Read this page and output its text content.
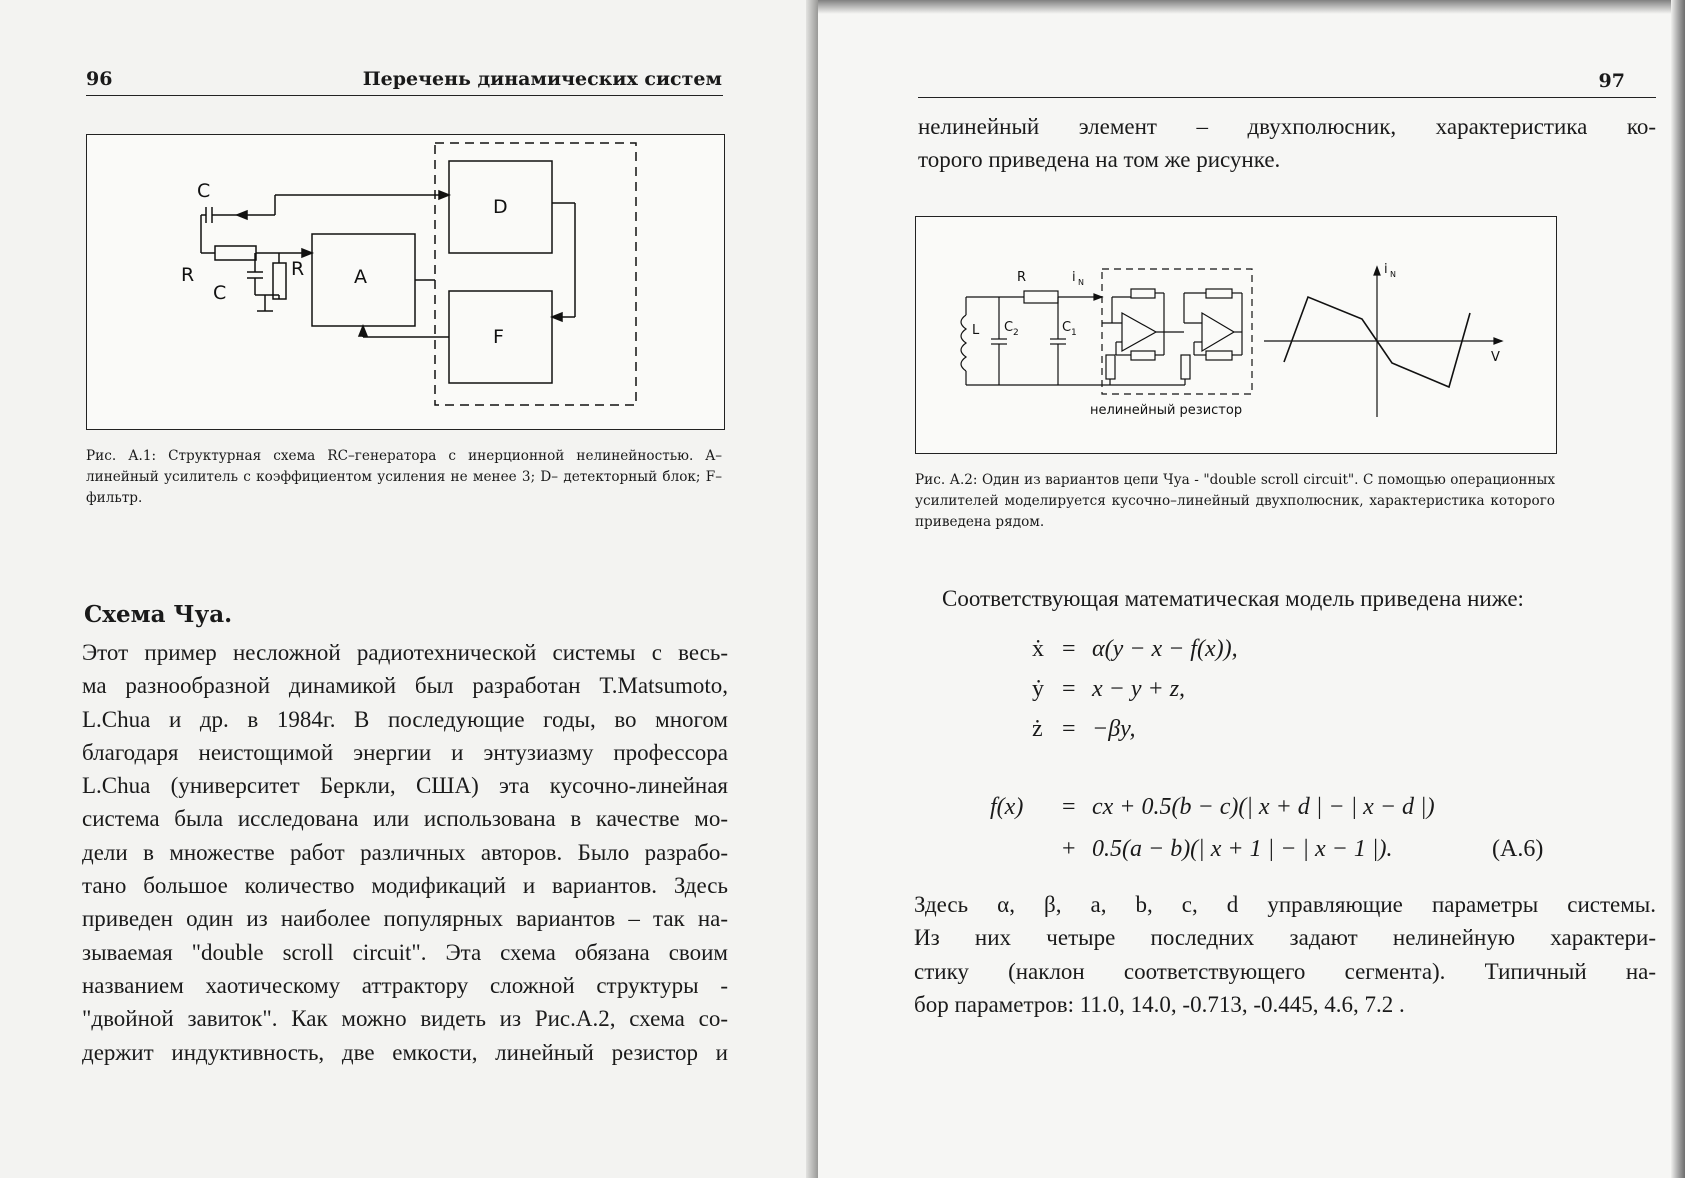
96	Перечень динамических систем
C
R
C
R	A
D
F
Рис. А.1: Структурная схема RC–генератора с инерционной нелинейностью. A– линейный усилитель с коэффициентом усиления не менее 3; D– детекторный блок; F– фильтр.
Схема Чуа.
Этот пример несложной радиотехнической системы с весь-
ма разнообразной динамикой был разработан T.Matsumoto,
L.Chua и др. в 1984г. В последующие годы, во многом
благодаря неистощимой энергии и энтузиазму профессора
L.Chua (университет Беркли, США) эта кусочно-линейная
система была исследована или использована в качестве мо-
дели в множестве работ различных авторов. Было разрабо-
тано большое количество модификаций и вариантов. Здесь
приведен один из наиболее популярных вариантов – так на-
зываемая "double scroll circuit". Эта схема обязана своим
названием хаотическому аттрактору сложной структуры -
"двойной завиток". Как можно видеть из Рис.А.2, схема со-
держит индуктивность, две емкости, линейный резистор и
97
нелинейный элемент – двухполюсник, характеристика ко-
торого приведена на том же рисунке.
R	i N
L C 2	C 1
нелинейный резистор
i N
V
Рис. А.2: Один из вариантов цепи Чуа - "double scroll circuit". С помощью операционных усилителей моделируется кусочно–линейный двухполюсник, характеристика которого приведена рядом.
Соответствующая математическая модель приведена ниже:
ẋ = α(y − x − f(x)),
ẏ = x − y + z,
ż = −βy,
f(x) = cx + 0.5(b − c)(| x + d | − | x − d |)
+ 0.5(a − b)(| x + 1 | − | x − 1 |).	(A.6)
Здесь α, β, a, b, c, d управляющие параметры системы.
Из них четыре последних задают нелинейную характери-
стику (наклон соответствующего сегмента). Типичный на-
бор параметров: 11.0, 14.0, -0.713, -0.445, 4.6, 7.2 .
